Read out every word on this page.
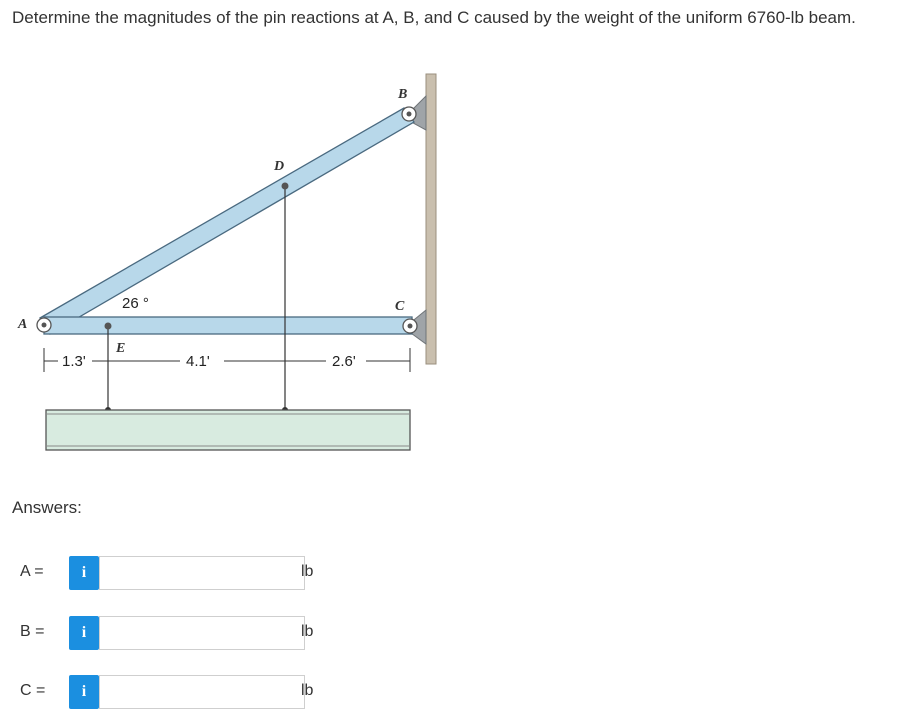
Determine the magnitudes of the pin reactions at A, B, and C caused by the weight of the uniform 6760-lb beam.
A
B
C
D
E
26 °
1.3'	4.1'	2.6'
Answers:
A =	i	lb
B =	i	lb
C =	i	lb
